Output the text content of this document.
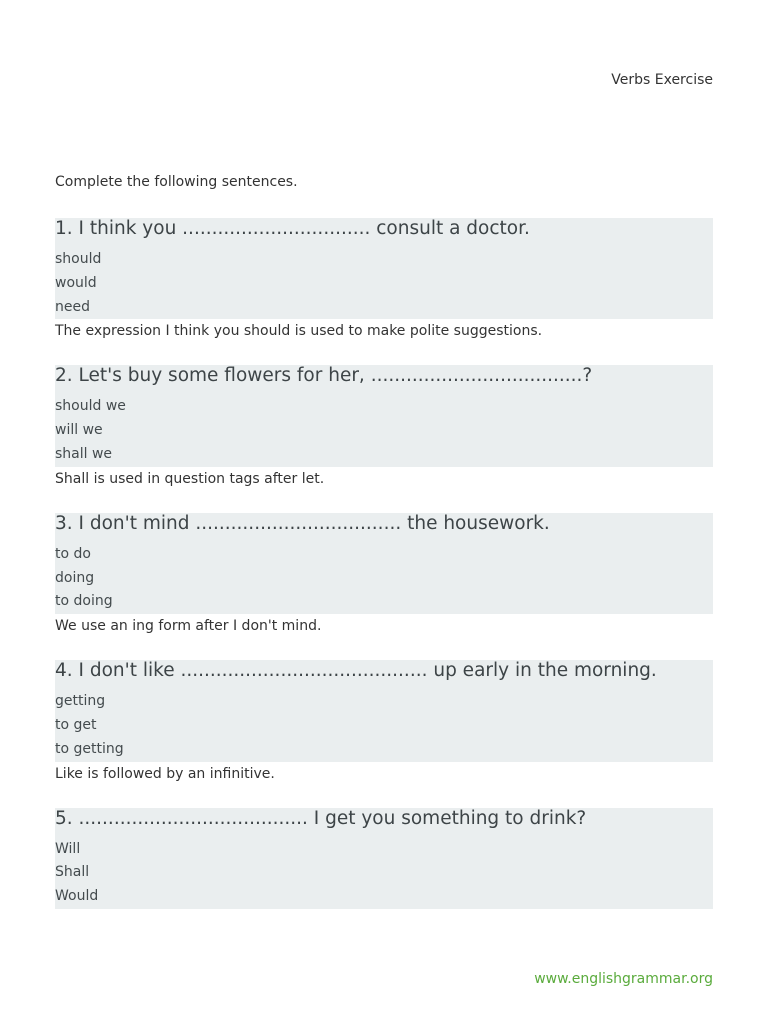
Verbs Exercise
Complete the following sentences.
1. I think you ................................ consult a doctor.
should
would
need
The expression I think you should is used to make polite suggestions.
2. Let's buy some flowers for her, ....................................?
should we
will we
shall we
Shall is used in question tags after let.
3. I don't mind ................................... the housework.
to do
doing
to doing
We use an ing form after I don't mind.
4. I don't like .......................................... up early in the morning.
getting
to get
to getting
Like is followed by an infinitive.
5. ....................................... I get you something to drink?
Will
Shall
Would
www.englishgrammar.org
